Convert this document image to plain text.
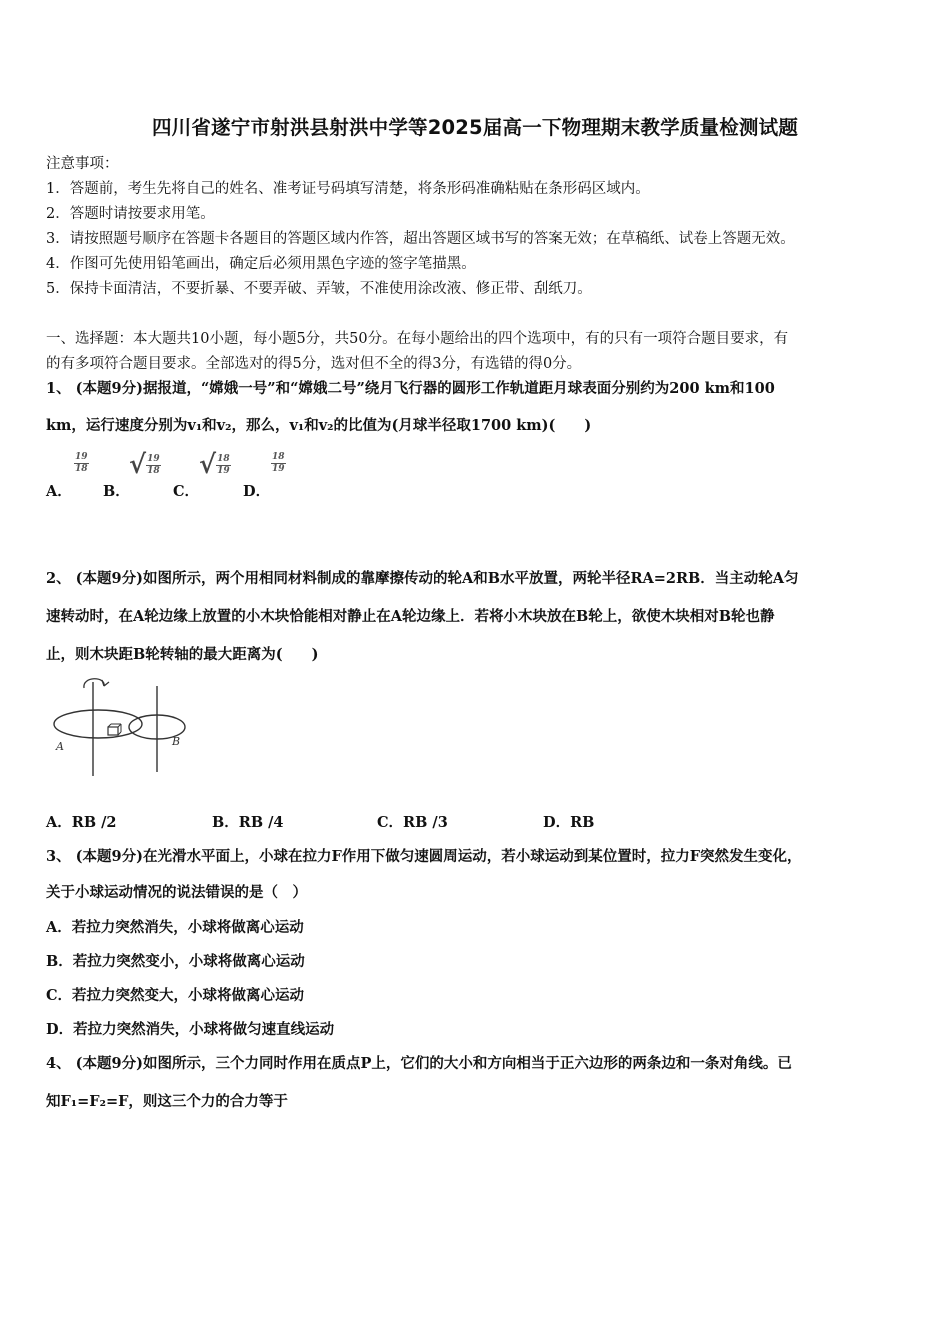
四川省遂宁市射洪县射洪中学等2025届高一下物理期末教学质量检测试题
注意事项：
1．答题前，考生先将自己的姓名、准考证号码填写清楚，将条形码准确粘贴在条形码区域内。
2．答题时请按要求用笔。
3．请按照题号顺序在答题卡各题目的答题区域内作答，超出答题区域书写的答案无效；在草稿纸、试卷上答题无效。
4．作图可先使用铅笔画出，确定后必须用黑色字迹的签字笔描黑。
5．保持卡面清洁，不要折暴、不要弄破、弄皱，不准使用涂改液、修正带、刮纸刀。
一、选择题：本大题共10小题，每小题5分，共50分。在每小题给出的四个选项中，有的只有一项符合题目要求，有
的有多项符合题目要求。全部选对的得5分，选对但不全的得3分，有选错的得0分。
1、 (本题9分)据报道，“嫦娥一号”和“嫦娥二号”绕月飞行器的圆形工作轨道距月球表面分别约为200 km和100
km，运行速度分别为v₁和v₂，那么，v₁和v₂的比值为(月球半径取1700 km)(　　)
A．
$\frac{19}{18}$
B．
√ $\frac{19}{18}$
C．
√ $\frac{18}{19}$
D．
$\frac{18}{19}$
2、 (本题9分)如图所示，两个用相同材料制成的靠摩擦传动的轮A和B水平放置，两轮半径RA=2RB．当主动轮A匀
速转动时，在A轮边缘上放置的小木块恰能相对静止在A轮边缘上．若将小木块放在B轮上，欲使木块相对B轮也静
止，则木块距B轮转轴的最大距离为(　　)
A	B
A．RB /2	B．RB /4	C．RB /3	D．RB
3、 (本题9分)在光滑水平面上，小球在拉力F作用下做匀速圆周运动，若小球运动到某位置时，拉力F突然发生变化，
关于小球运动情况的说法错误的是（　）
A．若拉力突然消失，小球将做离心运动
B．若拉力突然变小，小球将做离心运动
C．若拉力突然变大，小球将做离心运动
D．若拉力突然消失，小球将做匀速直线运动
4、 (本题9分)如图所示，三个力同时作用在质点P上，它们的大小和方向相当于正六边形的两条边和一条对角线。已
知F₁=F₂=F，则这三个力的合力等于
